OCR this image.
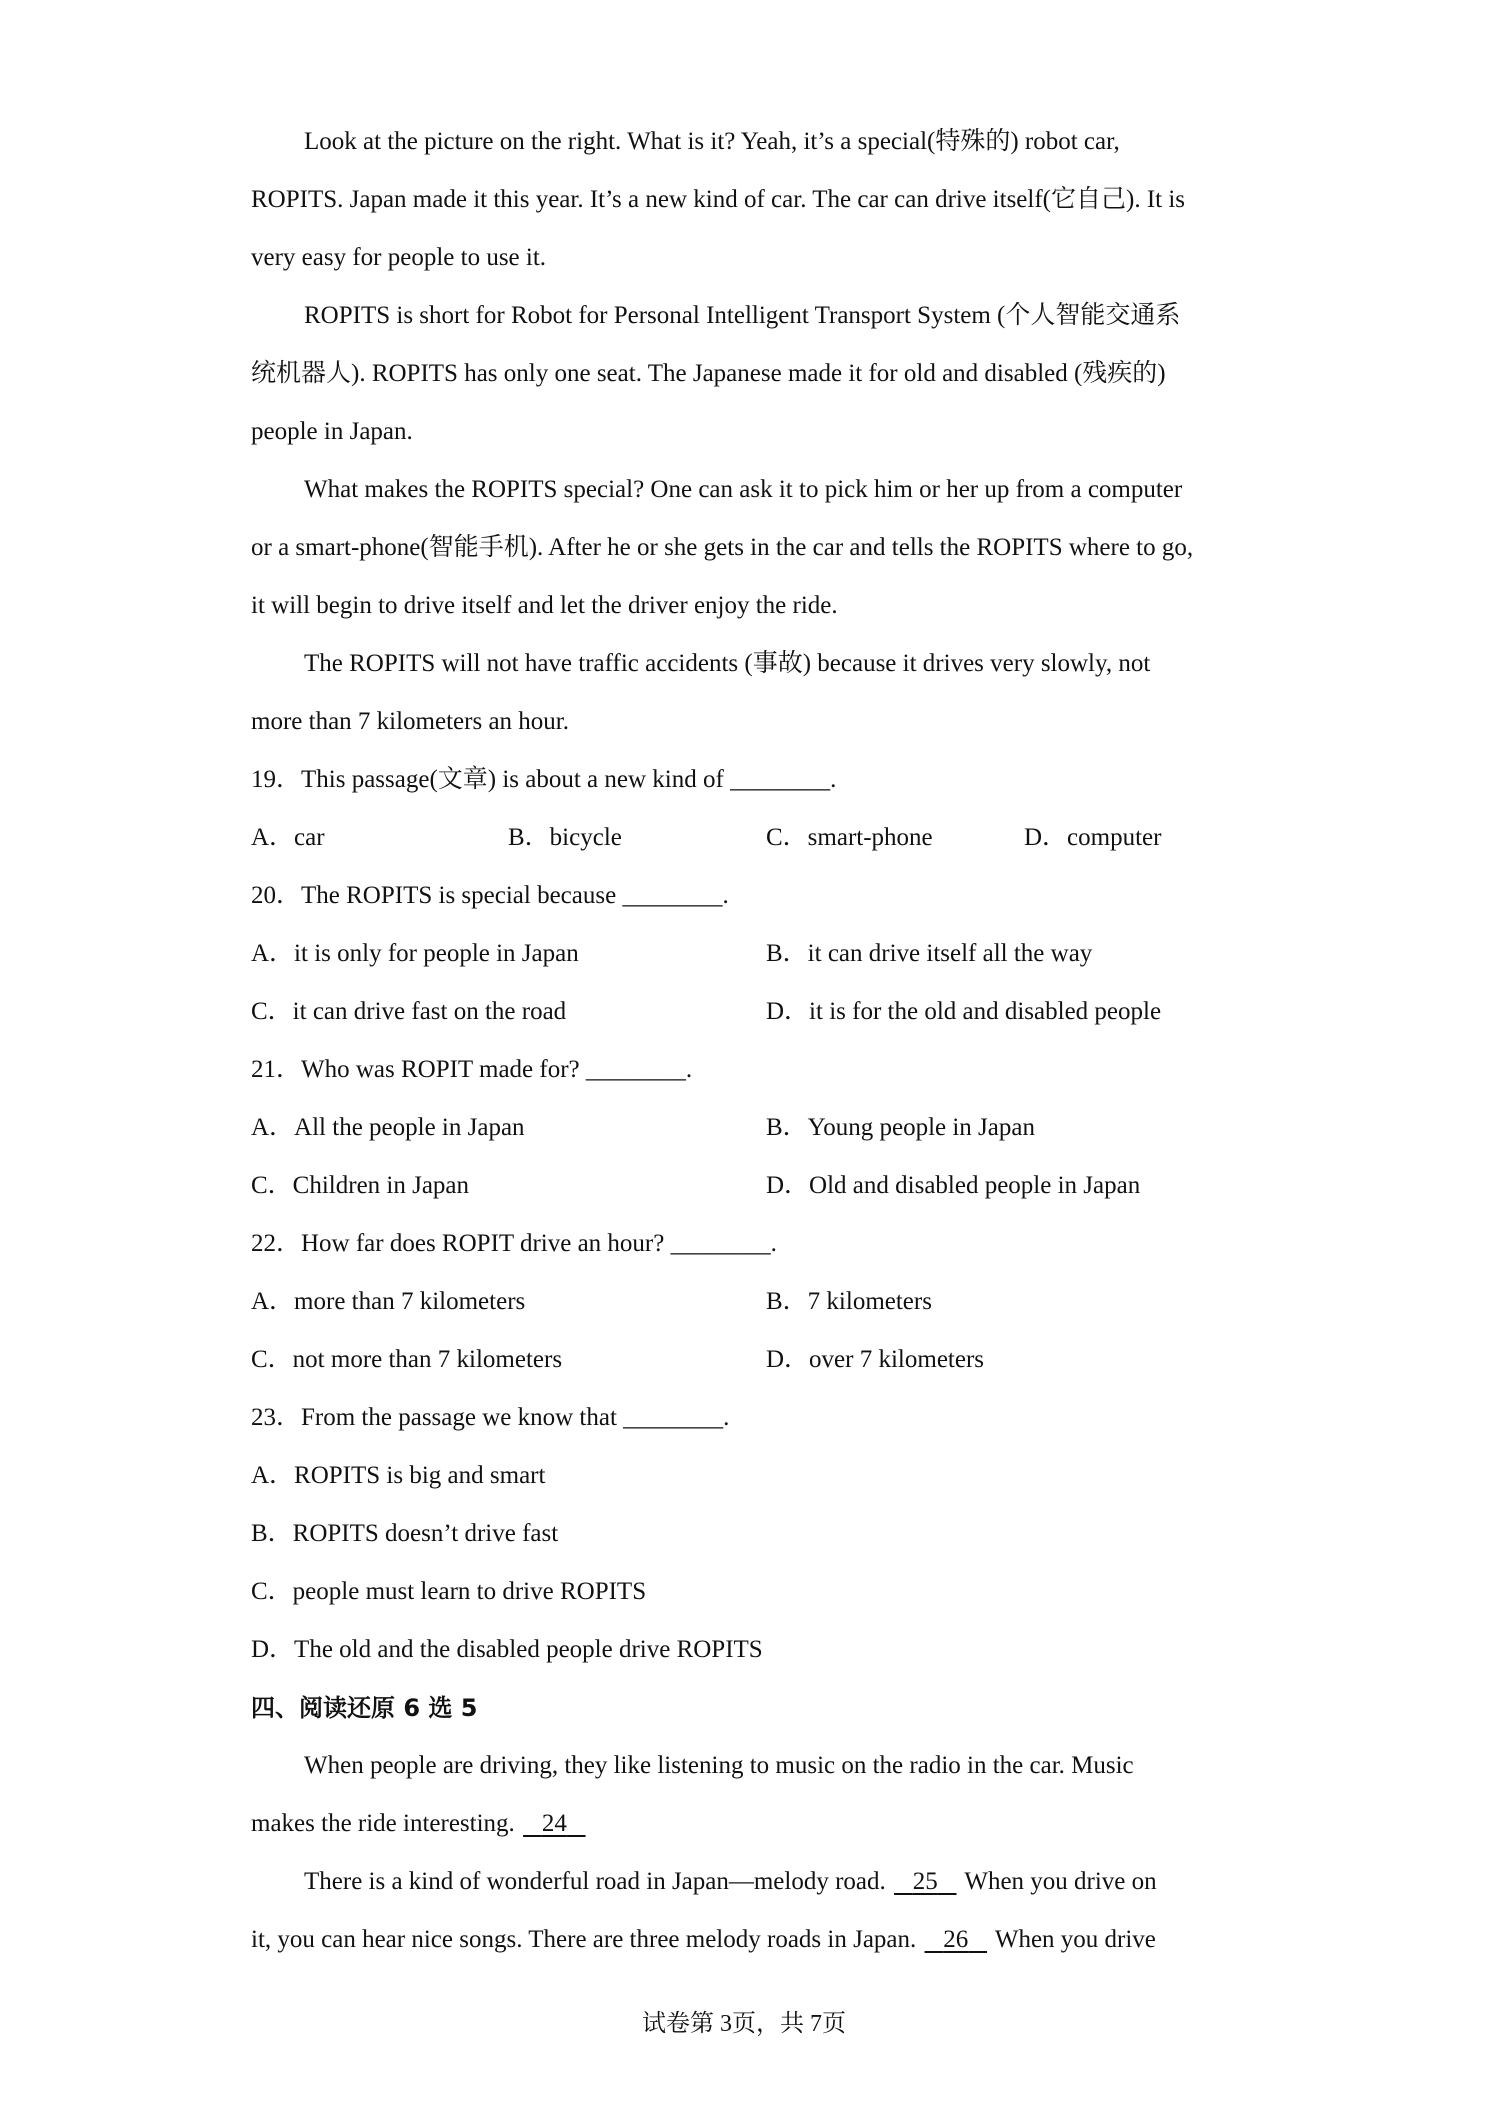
Look at the picture on the right. What is it? Yeah, it’s a special(特殊的) robot car,
ROPITS. Japan made it this year. It’s a new kind of car. The car can drive itself(它自己). It is
very easy for people to use it.
ROPITS is short for Robot for Personal Intelligent Transport System (个人智能交通系
统机器人). ROPITS has only one seat. The Japanese made it for old and disabled (残疾的)
people in Japan.
What makes the ROPITS special? One can ask it to pick him or her up from a computer
or a smart-phone(智能手机). After he or she gets in the car and tells the ROPITS where to go,
it will begin to drive itself and let the driver enjoy the ride.
The ROPITS will not have traffic accidents (事故) because it drives very slowly, not
more than 7 kilometers an hour.
19．This passage(文章) is about a new kind of ________.
A．car	B．bicycle	C．smart-phone	D．computer
20．The ROPITS is special because ________.
A．it is only for people in Japan	B．it can drive itself all the way
C．it can drive fast on the road	D．it is for the old and disabled people
21．Who was ROPIT made for? ________.
A．All the people in Japan	B．Young people in Japan
C．Children in Japan	D．Old and disabled people in Japan
22．How far does ROPIT drive an hour? ________.
A．more than 7 kilometers	B．7 kilometers
C．not more than 7 kilometers	D．over 7 kilometers
23．From the passage we know that ________.
A．ROPITS is big and smart
B．ROPITS doesn’t drive fast
C．people must learn to drive ROPITS
D．The old and the disabled people drive ROPITS
四、阅读还原 6 选 5
When people are driving, they like listening to music on the radio in the car. Music
makes the ride interesting. 24
There is a kind of wonderful road in Japan—melody road. 25 When you drive on
it, you can hear nice songs. There are three melody roads in Japan. 26 When you drive
试卷第 3页，共 7页
